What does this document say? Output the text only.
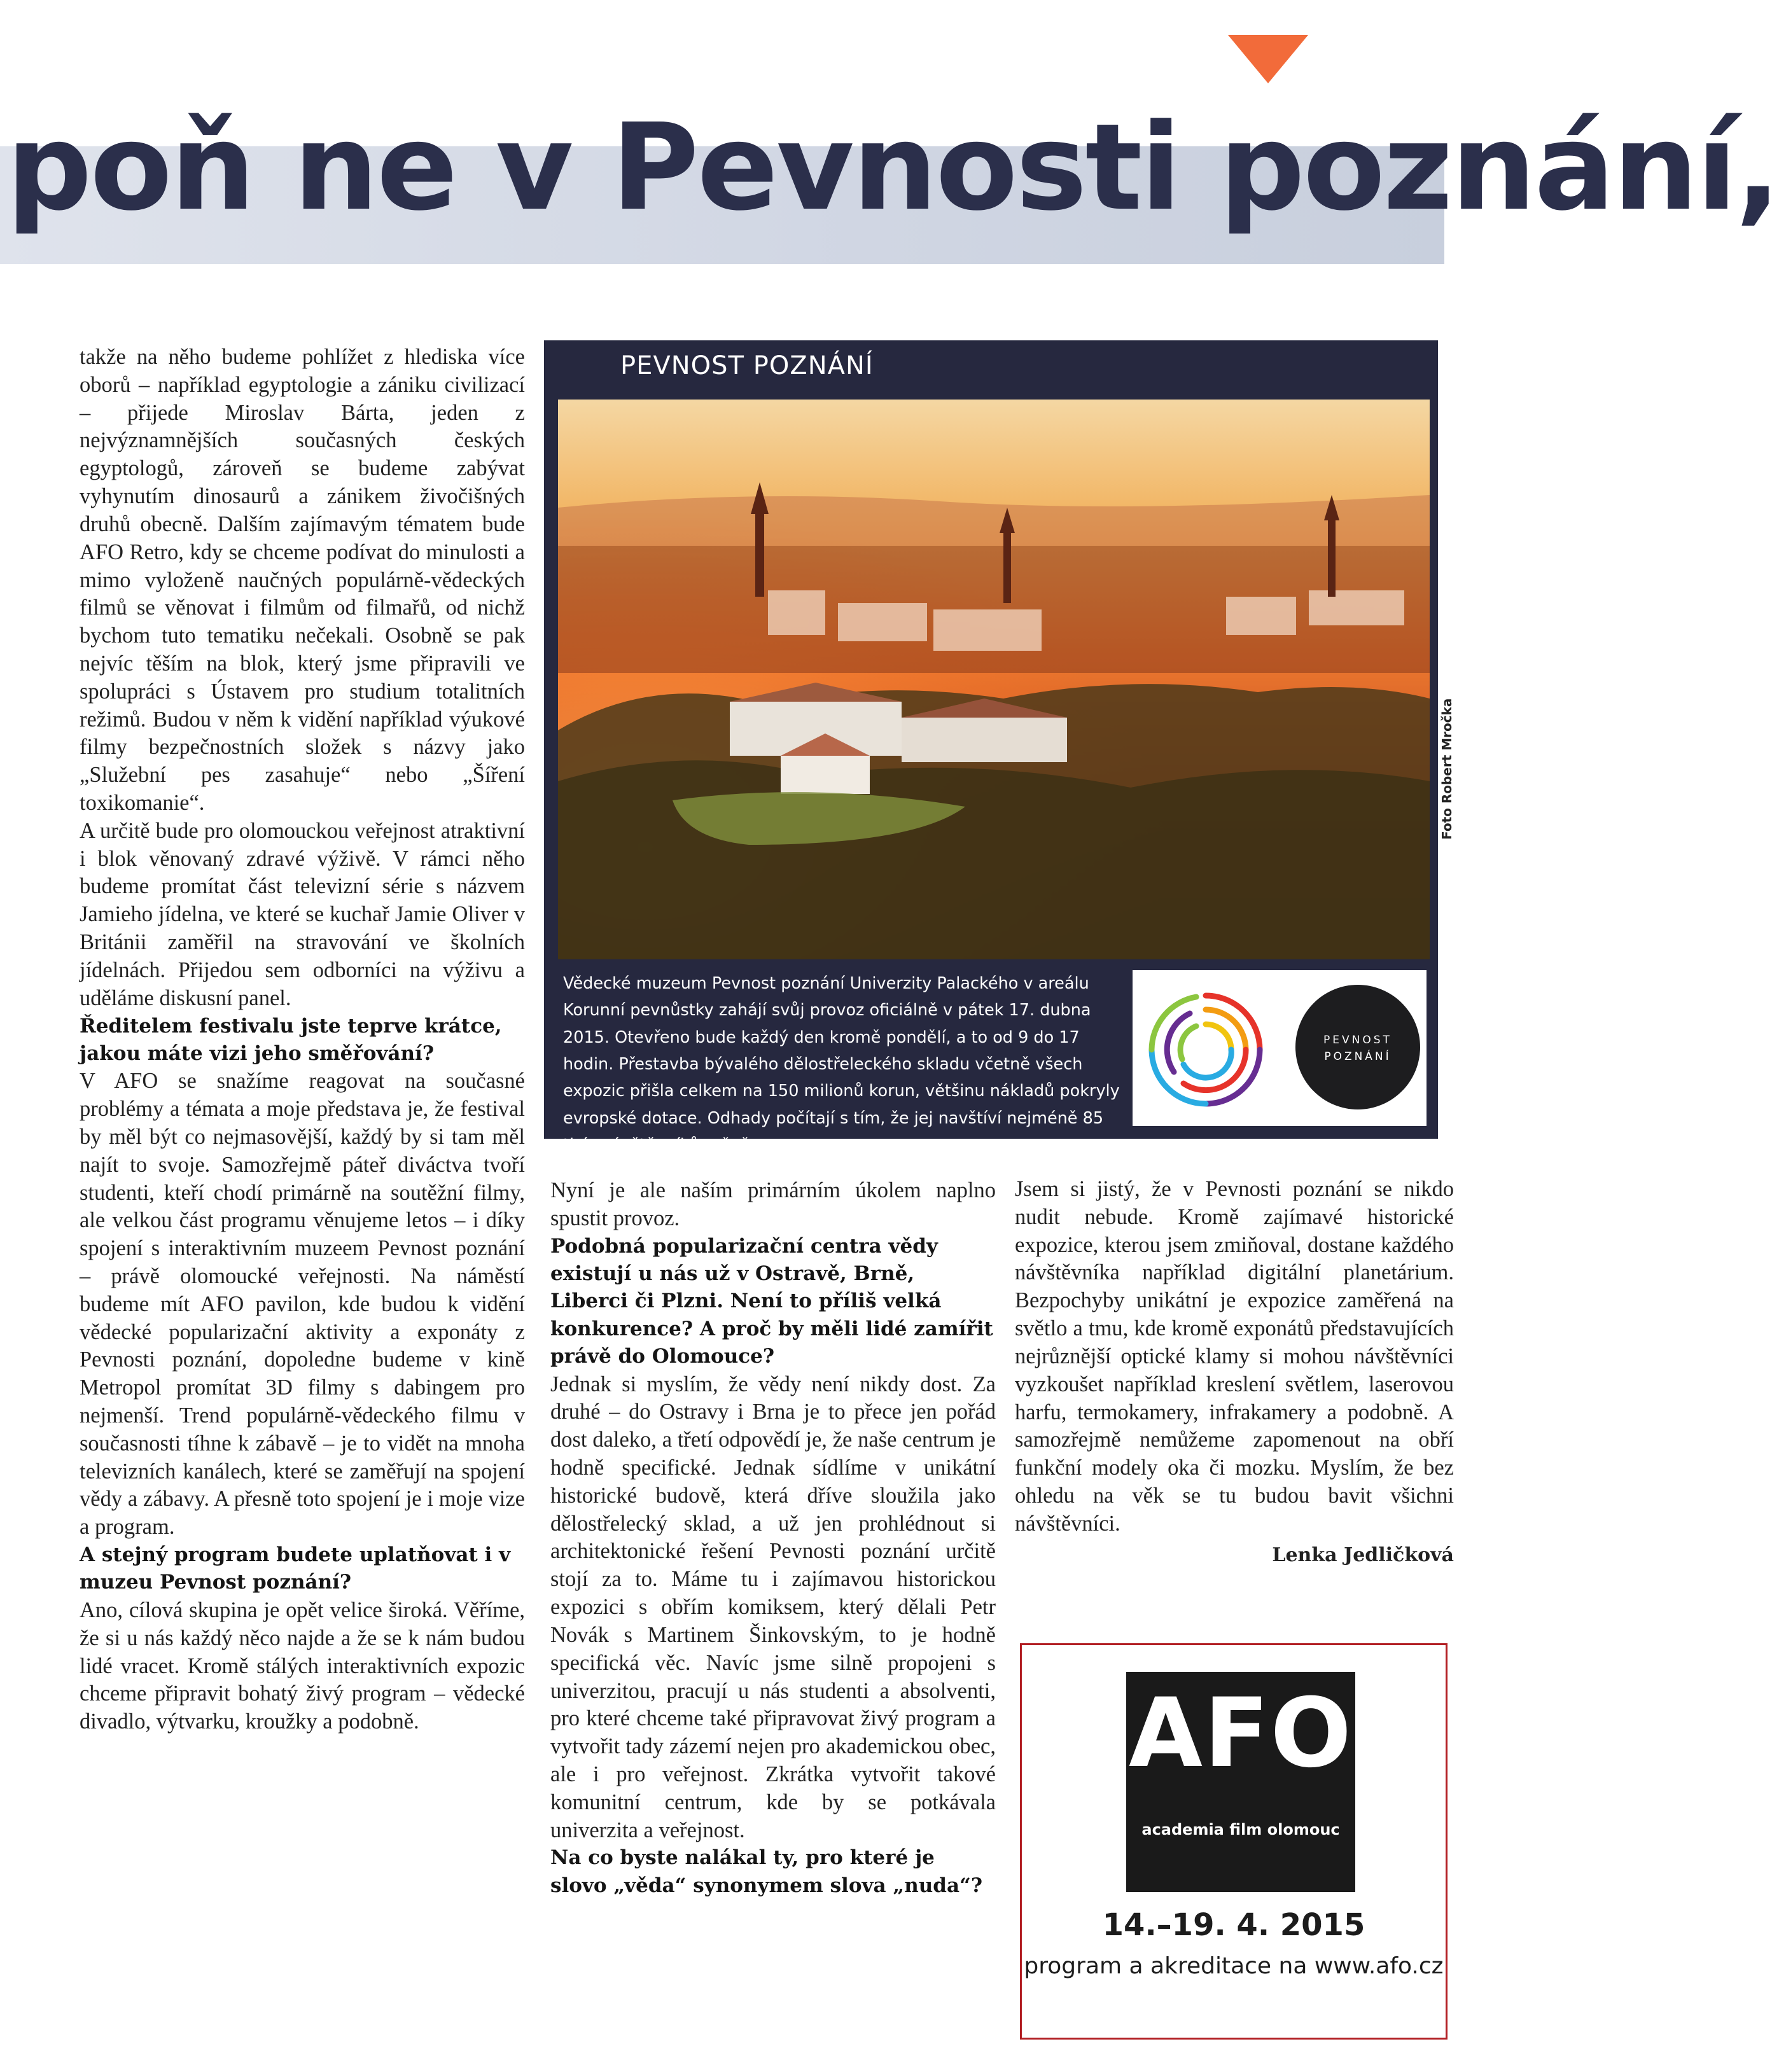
poň ne v Pevnosti poznání,

takže na něho budeme pohlížet z hlediska více oborů – například egyptologie a zániku civilizací – přijede Miroslav Bárta, jeden z nejvýznamnějších současných českých egyptologů, zároveň se budeme zabývat vyhynutím dinosaurů a zánikem živočišných druhů obecně. Dalším zajímavým tématem bude AFO Retro, kdy se chceme podívat do minulosti a mimo vyloženě naučných populárně-vědeckých filmů se věnovat i filmům od filmařů, od nichž bychom tuto tematiku nečekali. Osobně se pak nejvíc těším na blok, který jsme připravili ve spolupráci s Ústavem pro studium totalitních režimů. Budou v něm k vidění například výukové filmy bezpečnostních složek s názvy jako „Služební pes zasahuje“ nebo „Šíření toxikomanie“.

A určitě bude pro olomouckou veřejnost atraktivní i blok věnovaný zdravé výživě. V rámci něho budeme promítat část televizní série s názvem Jamieho jídelna, ve které se kuchař Jamie Oliver v Británii zaměřil na stravování ve školních jídelnách. Přijedou sem odborníci na výživu a uděláme diskusní panel.

Ředitelem festivalu jste teprve krátce, jakou máte vizi jeho směřování?

V AFO se snažíme reagovat na současné problémy a témata a moje představa je, že festival by měl být co nejmasovější, každý by si tam měl najít to svoje. Samozřejmě páteř diváctva tvoří studenti, kteří chodí primárně na soutěžní filmy, ale velkou část programu věnujeme letos – i díky spojení s interaktivním muzeem Pevnost poznání – právě olomoucké veřejnosti. Na náměstí budeme mít AFO pavilon, kde budou k vidění vědecké popularizační aktivity a exponáty z Pevnosti poznání, dopoledne budeme v kině Metropol promítat 3D filmy s dabingem pro nejmenší. Trend populárně-vědeckého filmu v současnosti tíhne k zábavě – je to vidět na mnoha televizních kanálech, které se zaměřují na spojení vědy a zábavy. A přesně toto spojení je i moje vize a program.

A stejný program budete uplatňovat i v muzeu Pevnost poznání?

Ano, cílová skupina je opět velice široká. Věříme, že si u nás každý něco najde a že se k nám budou lidé vracet. Kromě stálých interaktivních expozic chceme připravit bohatý živý program – vědecké divadlo, výtvarku, kroužky a podobně.

PEVNOST POZNÁNÍ
Vědecké muzeum Pevnost poznání Univerzity Palackého v areálu Korunní pevnůstky zahájí svůj provoz oficiálně v pátek 17. dubna 2015. Otevřeno bude každý den kromě pondělí, a to od 9 do 17 hodin. Přestavba bývalého dělostřeleckého skladu včetně všech expozic přišla celkem na 150 milionů korun, většinu nákladů pokryly evropské dotace. Odhady počítají s tím, že jej navštíví nejméně 85 tisíc návštěvníků ročně.
PEVNOST
POZNÁNÍ
Foto Robert Mročka

Nyní je ale naším primárním úkolem naplno spustit provoz.

Podobná popularizační centra vědy existují u nás už v Ostravě, Brně, Liberci či Plzni. Není to příliš velká konkurence? A proč by měli lidé zamířit právě do Olomouce?

Jednak si myslím, že vědy není nikdy dost. Za druhé – do Ostravy i Brna je to přece jen pořád dost daleko, a třetí odpovědí je, že naše centrum je hodně specifické. Jednak sídlíme v unikátní historické budově, která dříve sloužila jako dělostřelecký sklad, a už jen prohlédnout si architektonické řešení Pevnosti poznání určitě stojí za to. Máme tu i zajímavou historickou expozici s obřím komiksem, který dělali Petr Novák s Martinem Šinkovským, to je hodně specifická věc. Navíc jsme silně propojeni s univerzitou, pracují u nás studenti a absolventi, pro které chceme také připravovat živý program a vytvořit tady zázemí nejen pro akademickou obec, ale i pro veřejnost. Zkrátka vytvořit takové komunitní centrum, kde by se potkávala univerzita a veřejnost.

Na co byste nalákal ty, pro které je slovo „věda“ synonymem slova „nuda“?

Jsem si jistý, že v Pevnosti poznání se nikdo nudit nebude. Kromě zajímavé historické expozice, kterou jsem zmiňoval, dostane každého návštěvníka například digitální planetárium. Bezpochyby unikátní je expozice zaměřená na světlo a tmu, kde kromě exponátů představujících nejrůznější optické klamy si mohou návštěvníci vyzkoušet například kreslení světlem, laserovou harfu, termokamery, infrakamery a podobně. A samozřejmě nemůžeme zapomenout na obří funkční modely oka či mozku. Myslím, že bez ohledu na věk se tu budou bavit všichni návštěvníci.

Lenka Jedličková

AFO
academia film olomouc
14.–19. 4. 2015
program a akreditace na www.afo.cz
